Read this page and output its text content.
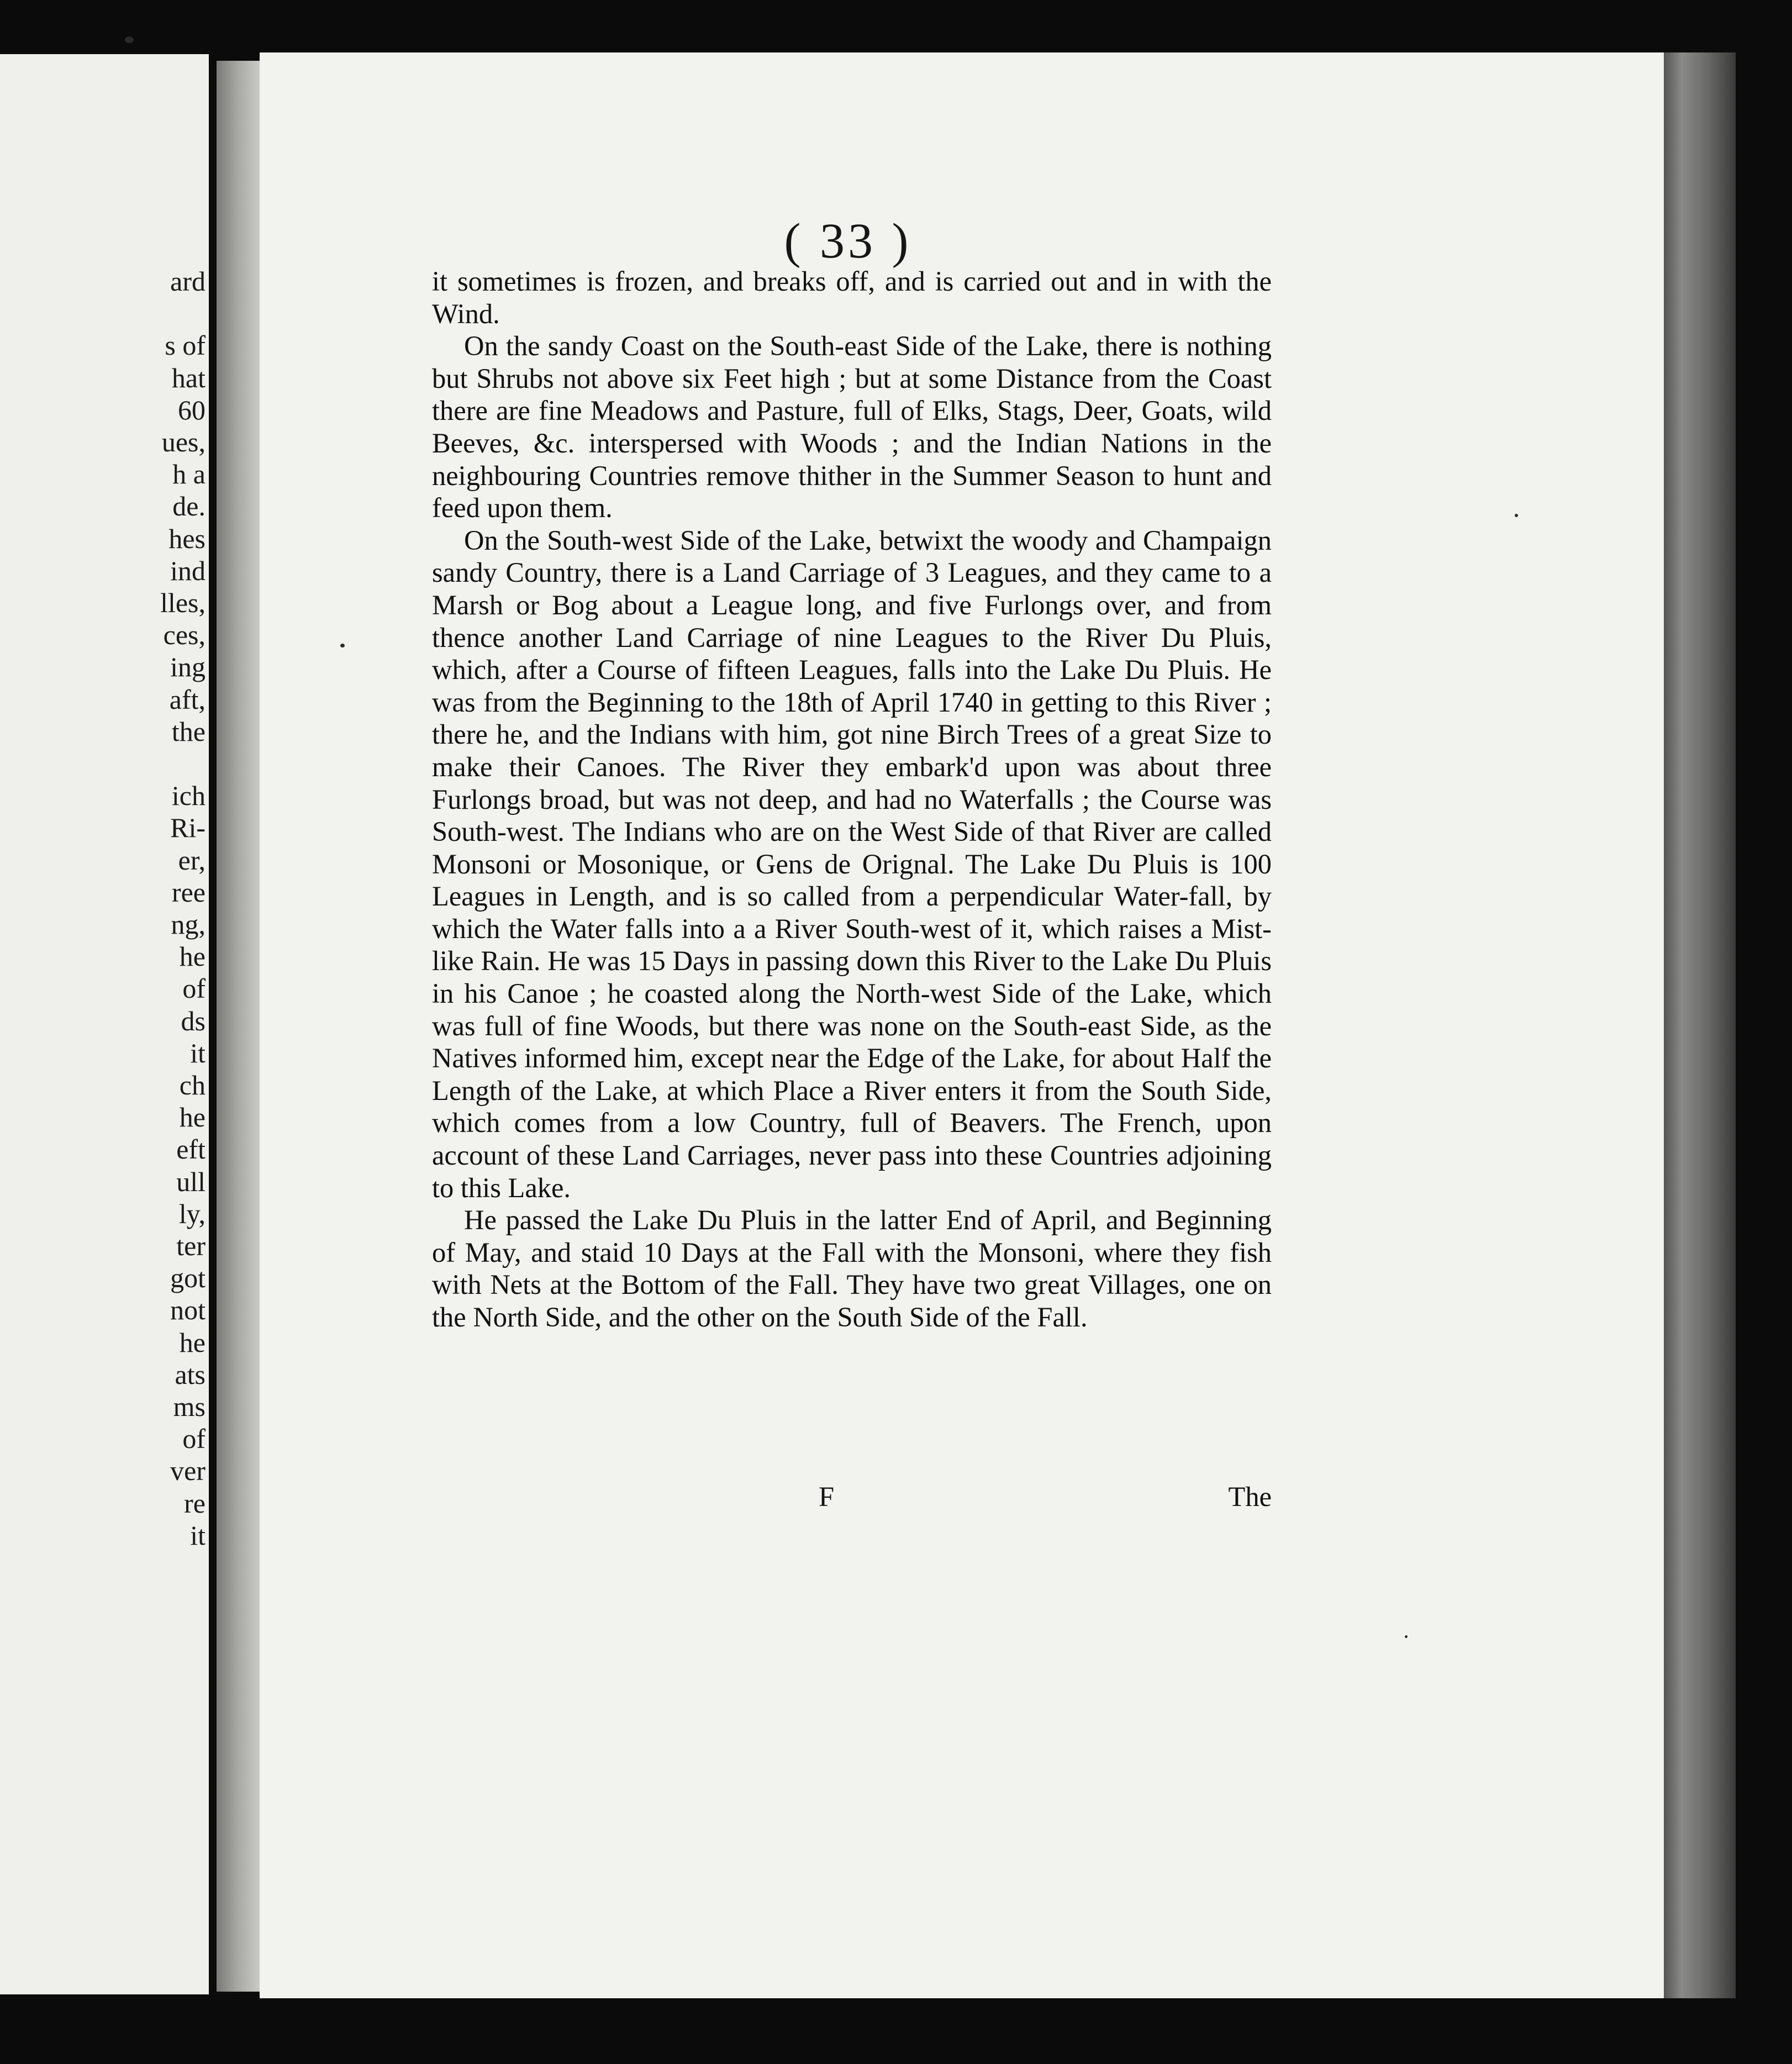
ard
s of
hat
60
ues,
h a
de.
hes
ind
lles,
ces,
ing
aft,
the
ich
Ri-
er,
ree
ng,
he
of
ds
it
ch
he
eft
ull
ly,
ter
got
not
he
ats
ms
of
ver
re
it
( 33 )

it sometimes is frozen, and breaks off, and is carried out and in with the Wind.

On the sandy Coast on the South-east Side of the Lake, there is nothing but Shrubs not above six Feet high ; but at some Distance from the Coast there are fine Meadows and Pasture, full of Elks, Stags, Deer, Goats, wild Beeves, &c. interspersed with Woods ; and the Indian Nations in the neighbouring Countries remove thither in the Summer Season to hunt and feed upon them.

On the South-west Side of the Lake, betwixt the woody and Champaign sandy Country, there is a Land Carriage of 3 Leagues, and they came to a Marsh or Bog about a League long, and five Furlongs over, and from thence another Land Carriage of nine Leagues to the River Du Pluis, which, after a Course of fifteen Leagues, falls into the Lake Du Pluis. He was from the Beginning to the 18th of April 1740 in getting to this River ; there he, and the Indians with him, got nine Birch Trees of a great Size to make their Canoes. The River they embark'd upon was about three Furlongs broad, but was not deep, and had no Waterfalls ; the Course was South-west. The Indians who are on the West Side of that River are called Monsoni or Mosonique, or Gens de Orignal. The Lake Du Pluis is 100 Leagues in Length, and is so called from a perpendicular Water-fall, by which the Water falls into a a River South-west of it, which raises a Mist-like Rain. He was 15 Days in passing down this River to the Lake Du Pluis in his Canoe ; he coasted along the North-west Side of the Lake, which was full of fine Woods, but there was none on the South-east Side, as the Natives informed him, except near the Edge of the Lake, for about Half the Length of the Lake, at which Place a River enters it from the South Side, which comes from a low Country, full of Beavers. The French, upon account of these Land Carriages, never pass into these Countries adjoining to this Lake.

He passed the Lake Du Pluis in the latter End of April, and Beginning of May, and staid 10 Days at the Fall with the Monsoni, where they fish with Nets at the Bottom of the Fall. They have two great Villages, one on the North Side, and the other on the South Side of the Fall.

F	The
